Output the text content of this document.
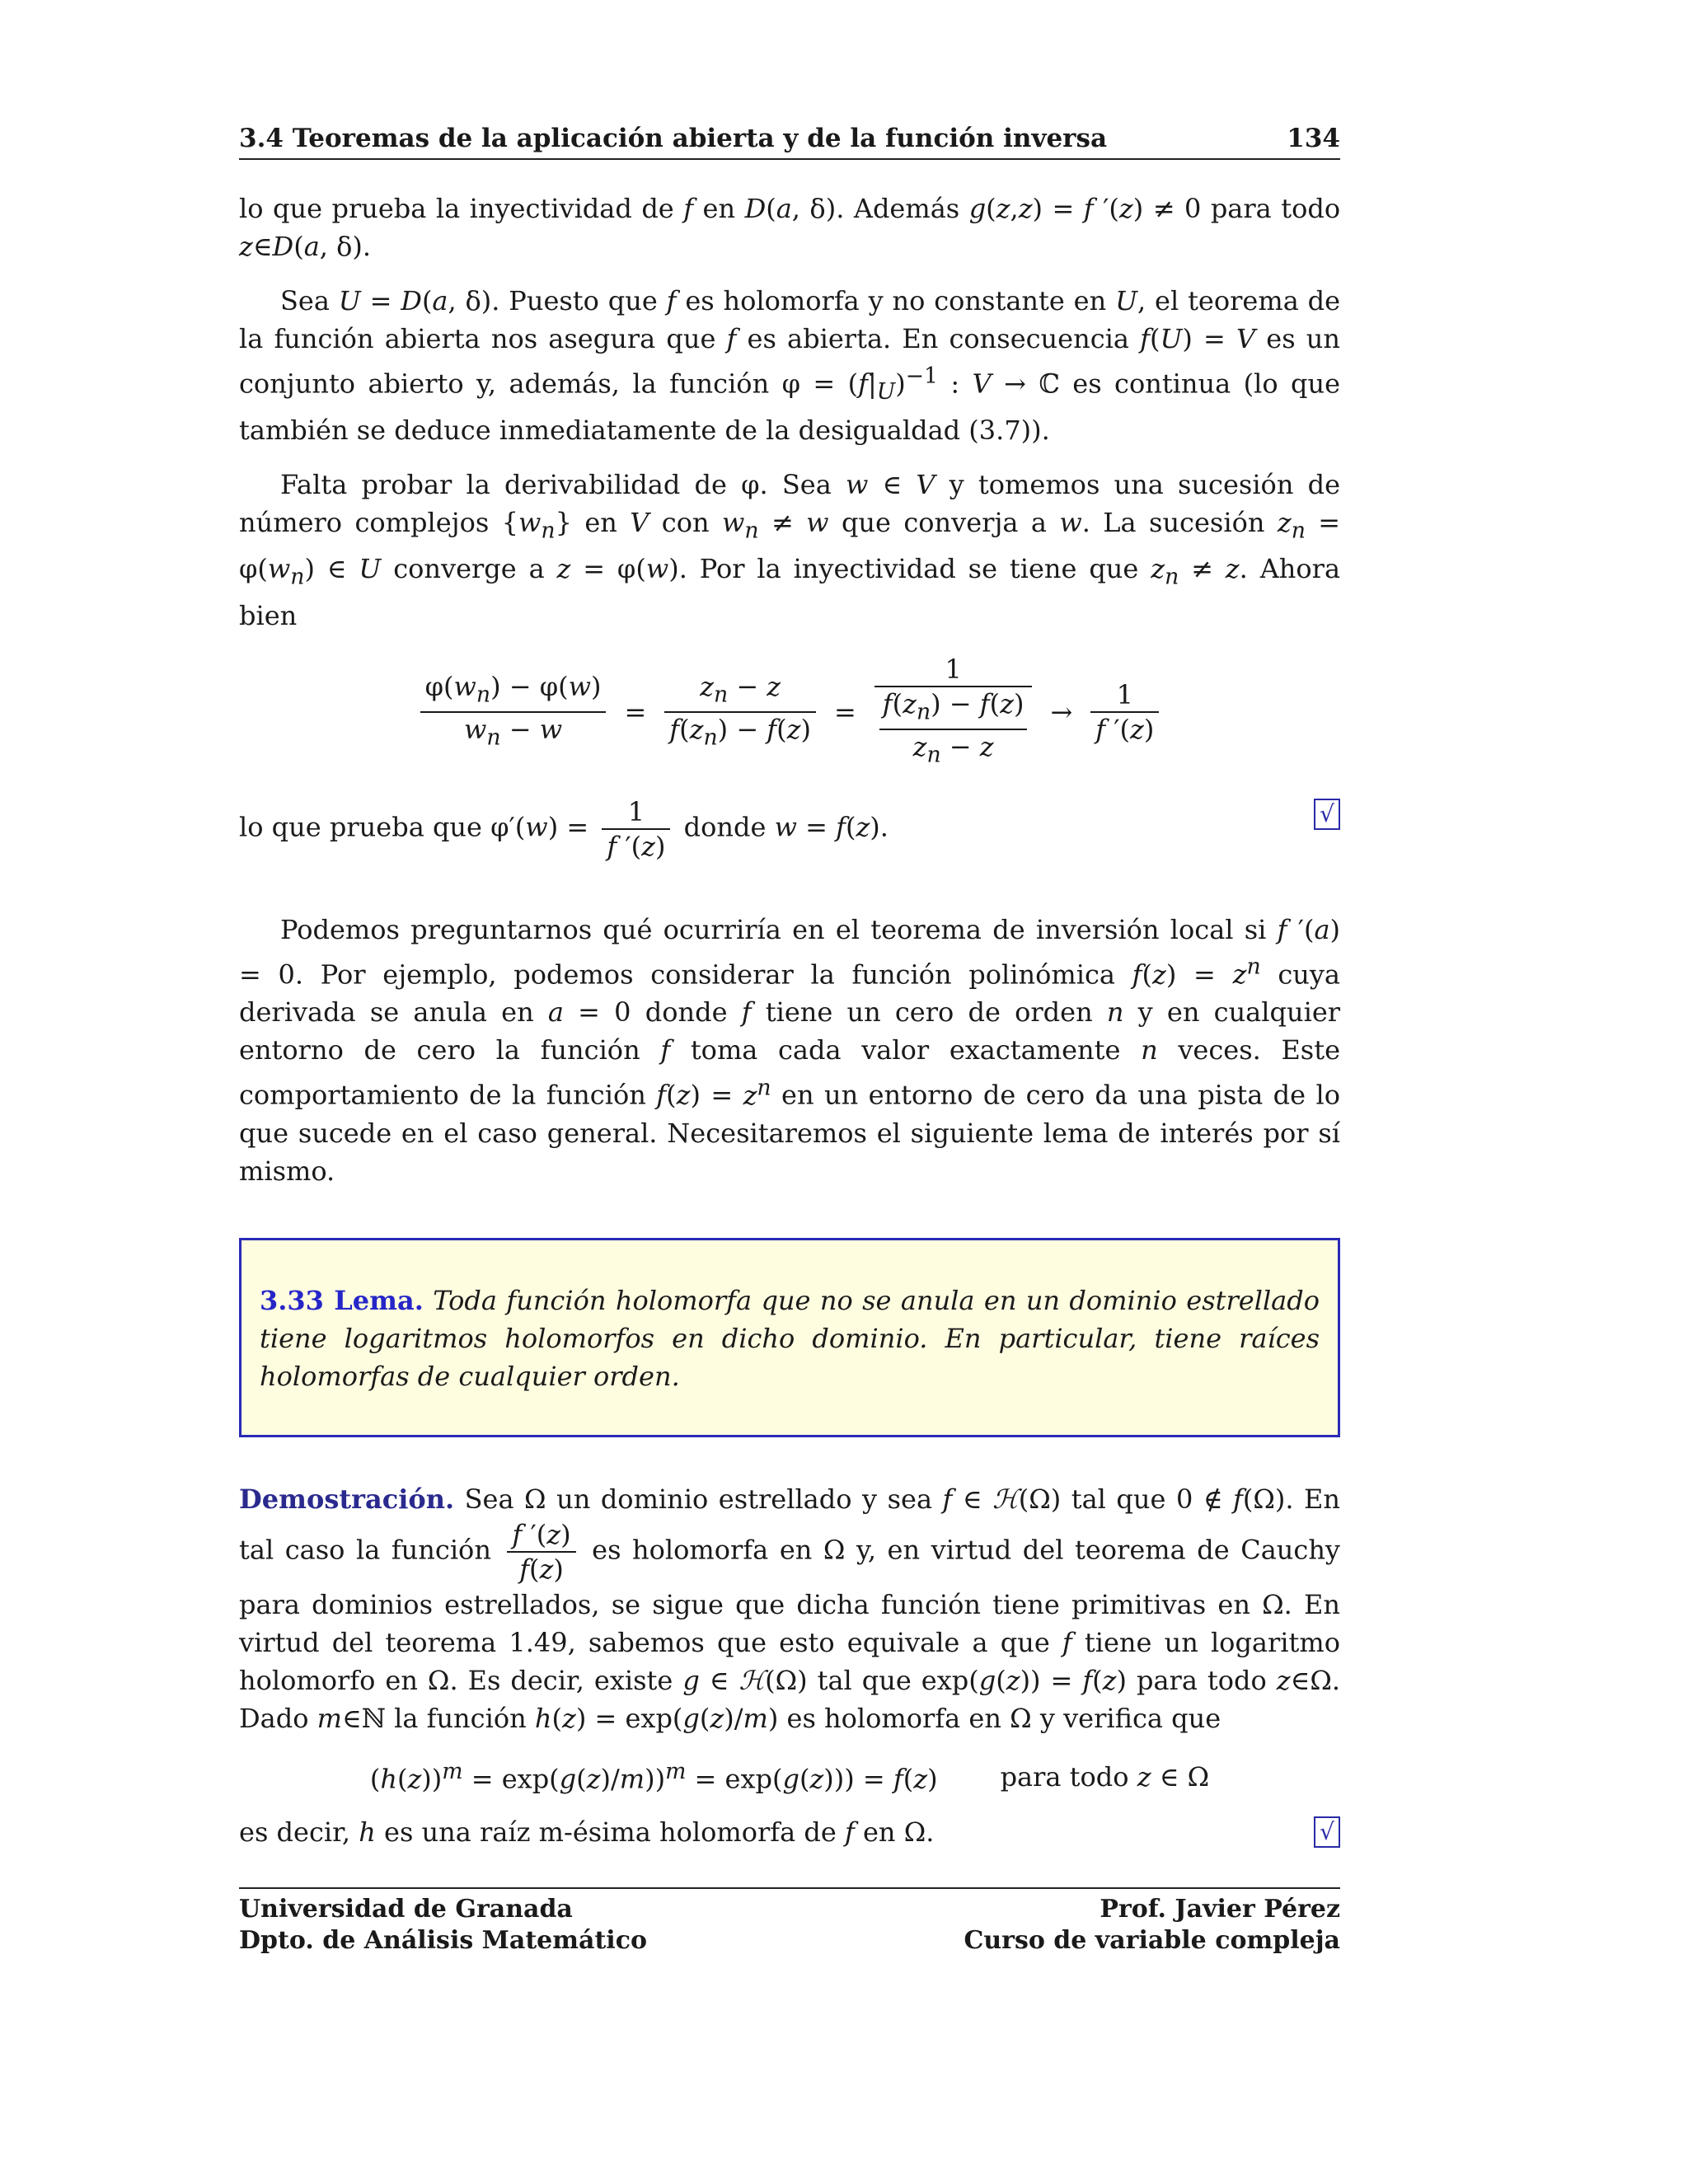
3.4 Teoremas de la aplicación abierta y de la función inversa	134

lo que prueba la inyectividad de f en D(a, δ). Además g(z,z) = f ′(z) ≠ 0 para todo z∈D(a, δ).

Sea U = D(a, δ). Puesto que f es holomorfa y no constante en U, el teorema de la función abierta nos asegura que f es abierta. En consecuencia f(U) = V es un conjunto abierto y, además, la función $\varphi = (f|_U)^{-1}$ : V → ℂ es continua (lo que también se deduce inmediatamente de la desigualdad (3.7)).

Falta probar la derivabilidad de φ. Sea w ∈ V y tomemos una sucesión de número complejos $\{w_n\}$ en V con $w_n \ne w$ que converja a w. La sucesión $z_n = \varphi(w_n)$ ∈ U converge a z = φ(w). Por la inyectividad se tiene que $z_n \ne z$. Ahora bien

$\frac{\varphi(w_n) - \varphi(w)}{w_n - w} = \frac{z_n - z}{f(z_n) - f(z)}$ =
1
$f(z_n) - f(z)$
$z_n - z$
→ $\frac{1}{f '(z)}$

lo que prueba que $\varphi'(w) = \frac{1}{f '(z)}$ donde w = f(z).	√

Podemos preguntarnos qué ocurriría en el teorema de inversión local si f ′(a) = 0. Por ejemplo, podemos considerar la función polinómica $f(z) = z^n$ cuya derivada se anula en a = 0 donde f tiene un cero de orden n y en cualquier entorno de cero la función f toma cada valor exactamente n veces. Este comportamiento de la función $f(z) = z^n$ en un entorno de cero da una pista de lo que sucede en el caso general. Necesitaremos el siguiente lema de interés por sí mismo.

3.33 Lema. Toda función holomorfa que no se anula en un dominio estrellado tiene logaritmos holomorfos en dicho dominio. En particular, tiene raíces holomorfas de cualquier orden.

Demostración. Sea Ω un dominio estrellado y sea f ∈ ℋ(Ω) tal que 0 ∉ f(Ω). En tal caso la función $\frac{f '(z)}{f(z)}$ es holomorfa en Ω y, en virtud del teorema de Cauchy para dominios estrellados, se sigue que dicha función tiene primitivas en Ω. En virtud del teorema 1.49, sabemos que esto equivale a que f tiene un logaritmo holomorfo en Ω. Es decir, existe g ∈ ℋ(Ω) tal que exp(g(z)) = f(z) para todo z∈Ω. Dado m∈ℕ la función h(z) = exp(g(z)/m) es holomorfa en Ω y verifica que

$(h(z))^m = \exp(g(z)/m))^m = \exp(g(z))) = f(z)$ para todo z ∈ Ω

es decir, h es una raíz m-ésima holomorfa de f en Ω.	√

Universidad de Granada
Dpto. de Análisis Matemático
Prof. Javier Pérez
Curso de variable compleja
